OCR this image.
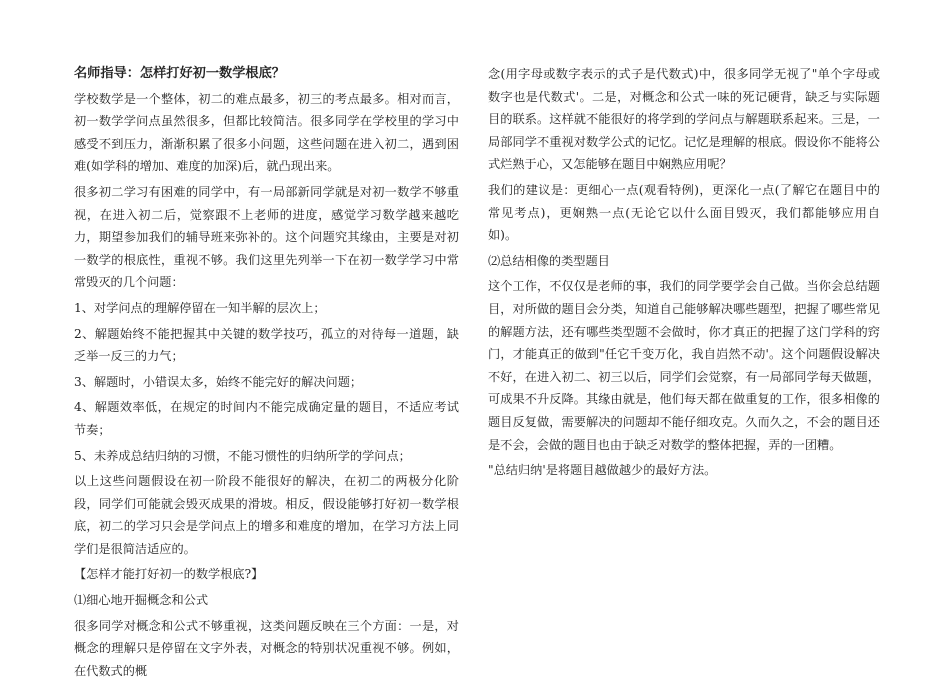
名师指导：怎样打好初一数学根底？

学校数学是一个整体，初二的难点最多，初三的考点最多。相对而言，初一数学学问点虽然很多，但都比较简洁。很多同学在学校里的学习中感受不到压力，渐渐积累了很多小问题，这些问题在进入初二，遇到困难(如学科的增加、难度的加深)后，就凸现出来。

很多初二学习有困难的同学中，有一局部新同学就是对初一数学不够重视，在进入初二后，觉察跟不上老师的进度，感觉学习数学越来越吃力，期望参加我们的辅导班来弥补的。这个问题究其缘由，主要是对初一数学的根底性，重视不够。我们这里先列举一下在初一数学学习中常常毁灭的几个问题：

1、对学问点的理解停留在一知半解的层次上；

2、解题始终不能把握其中关键的数学技巧，孤立的对待每一道题，缺乏举一反三的力气；

3、解题时，小错误太多，始终不能完好的解决问题；

4、解题效率低，在规定的时间内不能完成确定量的题目，不适应考试节奏；

5、未养成总结归纳的习惯，不能习惯性的归纳所学的学问点；

以上这些问题假设在初一阶段不能很好的解决，在初二的两极分化阶段，同学们可能就会毁灭成果的滑坡。相反，假设能够打好初一数学根底，初二的学习只会是学问点上的增多和难度的增加，在学习方法上同学们是很简洁适应的。

【怎样才能打好初一的数学根底?】

⑴细心地开掘概念和公式

很多同学对概念和公式不够重视，这类问题反映在三个方面：一是，对概念的理解只是停留在文字外表，对概念的特别状况重视不够。例如，在代数式的概

念(用字母或数字表示的式子是代数式)中，很多同学无视了"单个字母或数字也是代数式'。二是，对概念和公式一味的死记硬背，缺乏与实际题目的联系。这样就不能很好的将学到的学问点与解题联系起来。三是，一局部同学不重视对数学公式的记忆。记忆是理解的根底。假设你不能将公式烂熟于心，又怎能够在题目中娴熟应用呢？

我们的建议是：更细心一点(观看特例)，更深化一点(了解它在题目中的常见考点)，更娴熟一点(无论它以什么面目毁灭，我们都能够应用自如)。

⑵总结相像的类型题目

这个工作，不仅仅是老师的事，我们的同学要学会自己做。当你会总结题目，对所做的题目会分类，知道自己能够解决哪些题型，把握了哪些常见的解题方法，还有哪些类型题不会做时，你才真正的把握了这门学科的窍门，才能真正的做到"任它千变万化，我自岿然不动'。这个问题假设解决不好，在进入初二、初三以后，同学们会觉察，有一局部同学每天做题，可成果不升反降。其缘由就是，他们每天都在做重复的工作，很多相像的题目反复做，需要解决的问题却不能仔细攻克。久而久之，不会的题目还是不会，会做的题目也由于缺乏对数学的整体把握，弄的一团糟。

"总结归纳'是将题目越做越少的最好方法。
